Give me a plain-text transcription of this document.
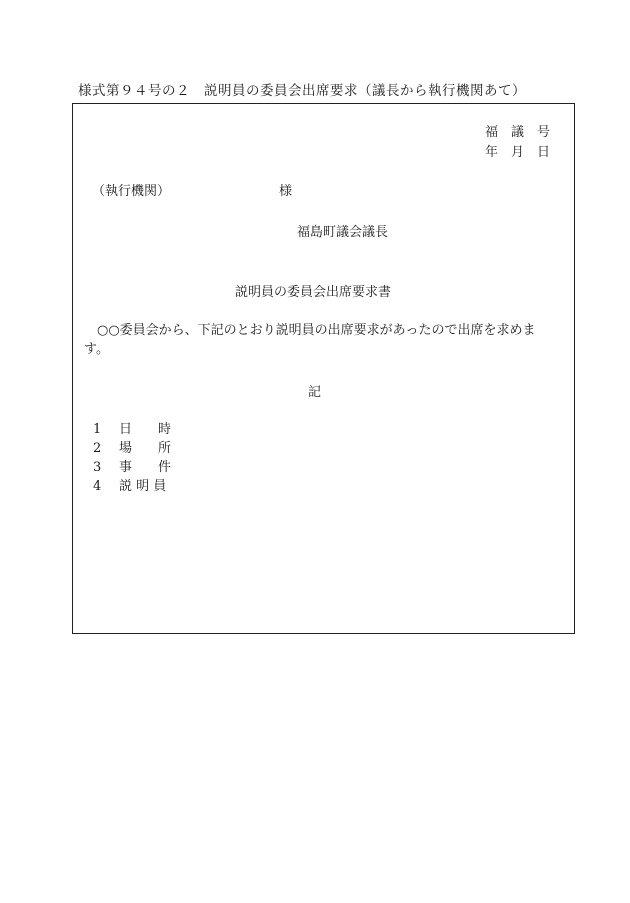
様式第９４号の２　説明員の委員会出席要求（議長から執行機関あて）
福　議　号
年　月　日
（執行機関）	様
福島町議会議長
説明員の委員会出席要求書
○○委員会から、下記のとおり説明員の出席要求があったので出席を求めます。
記
1 日　　時
2 場　　所
3 事　　件
4 説 明 員
